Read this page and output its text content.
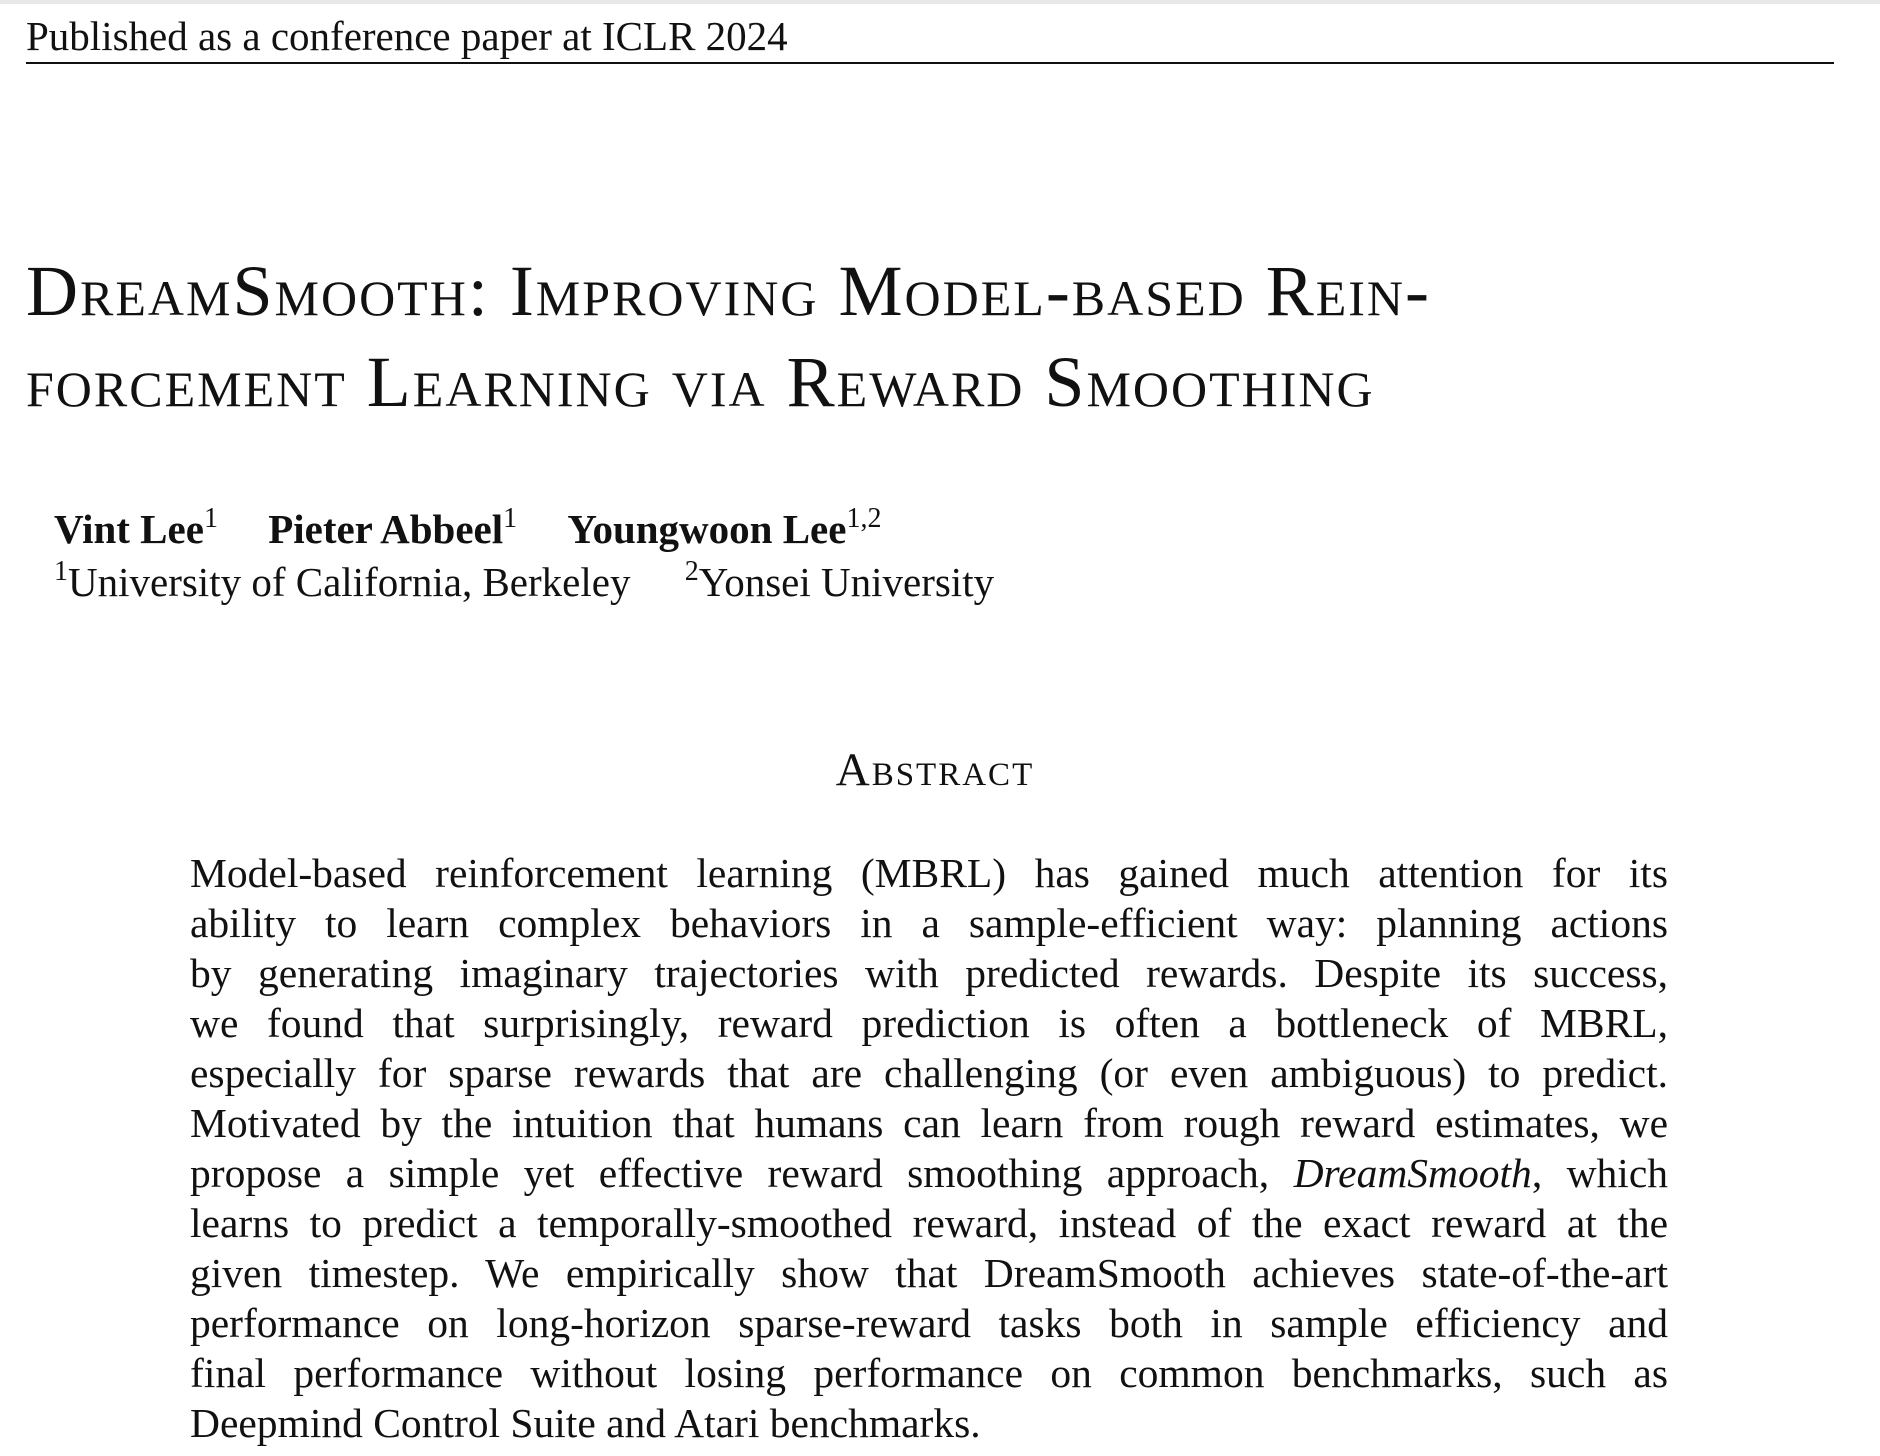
Published as a conference paper at ICLR 2024
DreamSmooth: Improving Model-based Rein-
forcement Learning via Reward Smoothing
Vint Lee$^1$ Pieter Abbeel$^1$ Youngwoon Lee$^{1,2}$
$^1$University of California, Berkeley $^2$Yonsei University
Abstract
Model-based reinforcement learning (MBRL) has gained much attention for its
ability to learn complex behaviors in a sample-efficient way: planning actions
by generating imaginary trajectories with predicted rewards. Despite its success,
we found that surprisingly, reward prediction is often a bottleneck of MBRL,
especially for sparse rewards that are challenging (or even ambiguous) to predict.
Motivated by the intuition that humans can learn from rough reward estimates, we
propose a simple yet effective reward smoothing approach, DreamSmooth, which
learns to predict a temporally-smoothed reward, instead of the exact reward at the
given timestep. We empirically show that DreamSmooth achieves state-of-the-art
performance on long-horizon sparse-reward tasks both in sample efficiency and
final performance without losing performance on common benchmarks, such as
Deepmind Control Suite and Atari benchmarks.
